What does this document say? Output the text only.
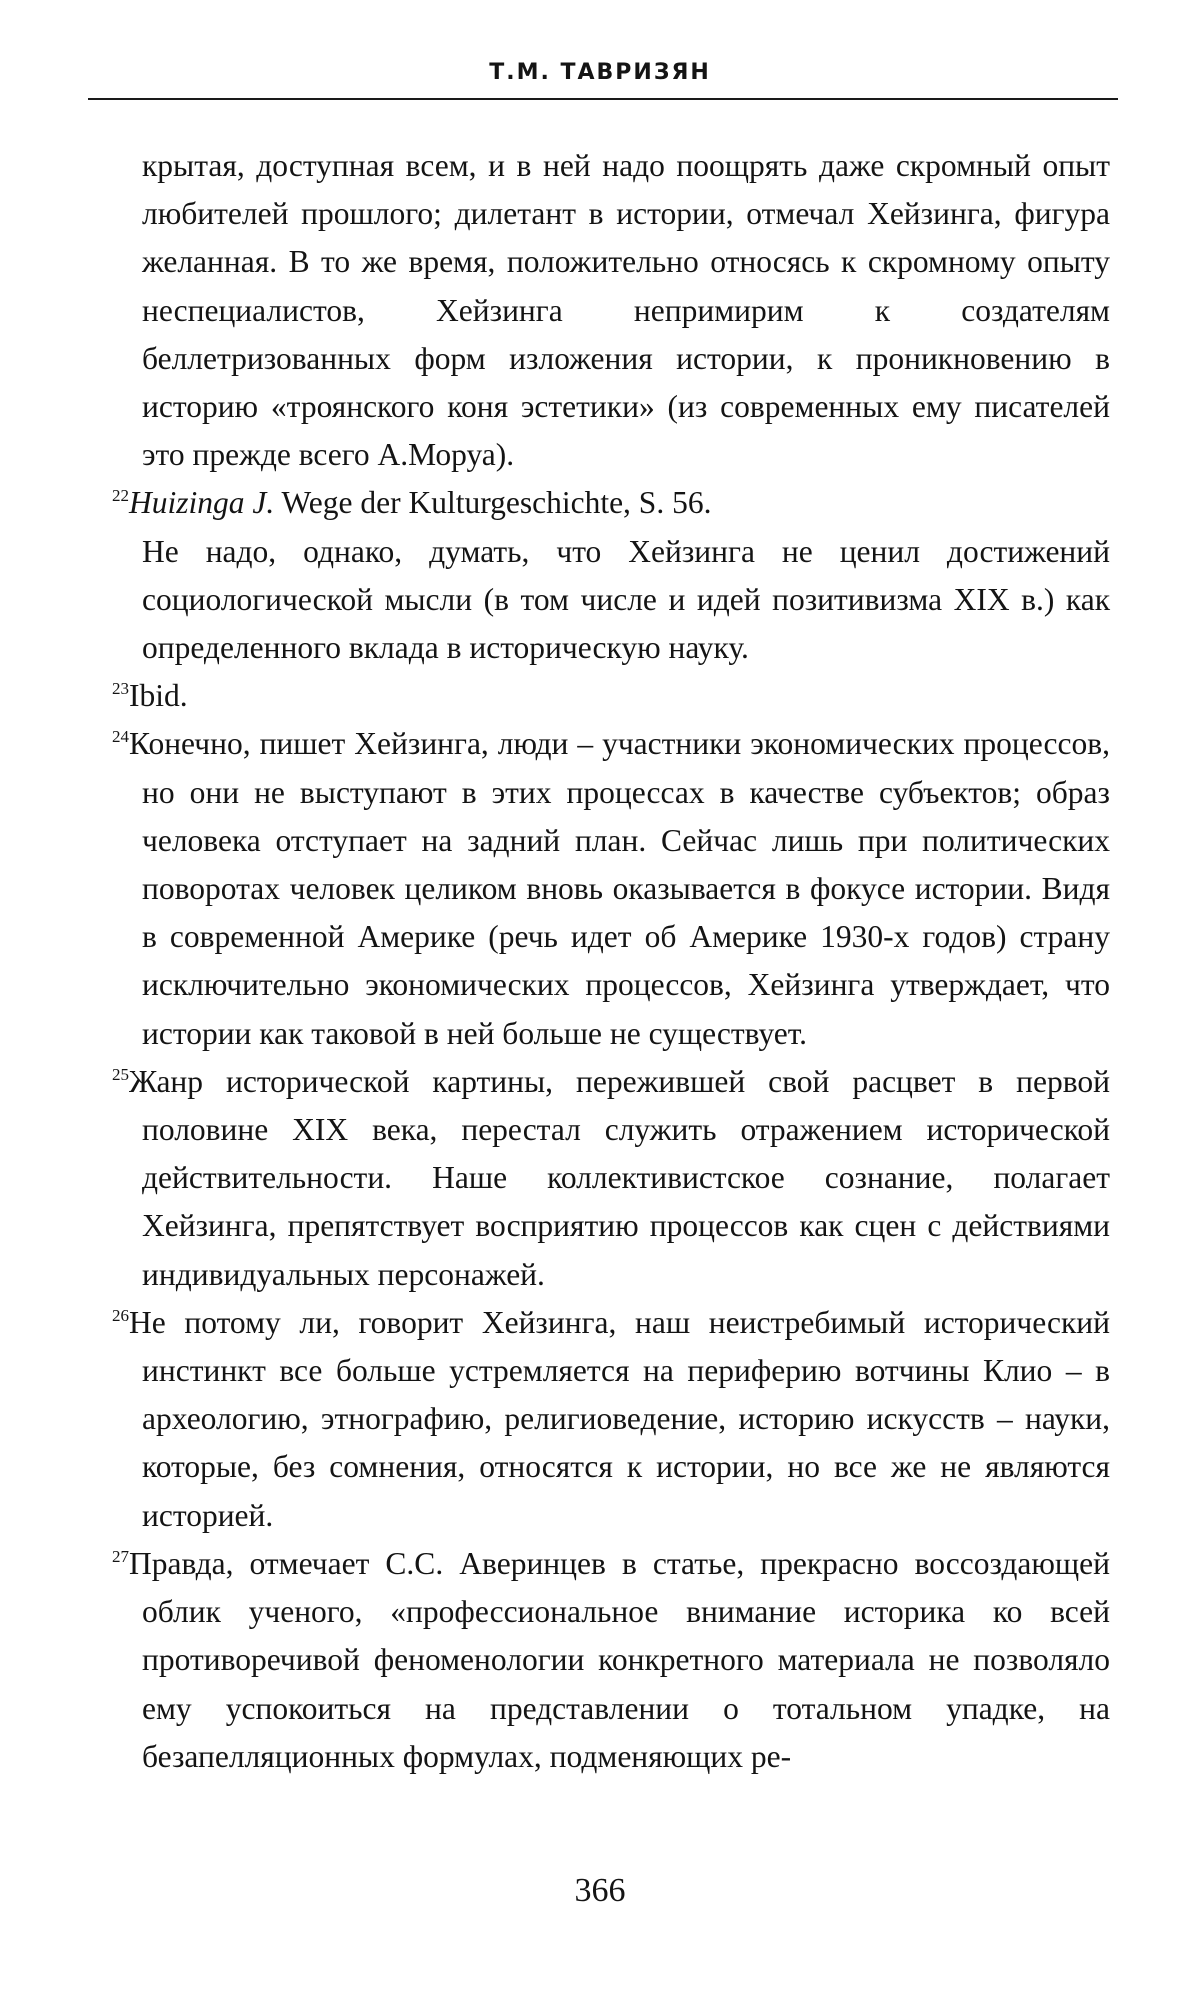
Т.М. ТАВРИЗЯН

крытая, доступная всем, и в ней надо поощрять даже скромный опыт любителей прошлого; дилетант в истории, отмечал Хейзинга, фигура желанная. В то же время, положительно относясь к скромному опыту неспециалистов, Хейзинга непримирим к создателям беллетризованных форм изложения истории, к проникновению в историю «троянского коня эстетики» (из современных ему писателей это прежде всего А.Моруа).

$^{22}$Huizinga J. Wege der Kulturgeschichte, S. 56.

Не надо, однако, думать, что Хейзинга не ценил достижений социологической мысли (в том числе и идей позитивизма XIX в.) как определенного вклада в историческую науку.

$^{23}$Ibid.

$^{24}$Конечно, пишет Хейзинга, люди – участники экономических процессов, но они не выступают в этих процессах в качестве субъектов; образ человека отступает на задний план. Сейчас лишь при политических поворотах человек целиком вновь оказывается в фокусе истории. Видя в современной Америке (речь идет об Америке 1930-х годов) страну исключительно экономических процессов, Хейзинга утверждает, что истории как таковой в ней больше не существует.

$^{25}$Жанр исторической картины, пережившей свой расцвет в первой половине XIX века, перестал служить отражением исторической действительности. Наше коллективистское сознание, полагает Хейзинга, препятствует восприятию процессов как сцен с действиями индивидуальных персонажей.

$^{26}$Не потому ли, говорит Хейзинга, наш неистребимый исторический инстинкт все больше устремляется на периферию вотчины Клио – в археологию, этнографию, религиоведение, историю искусств – науки, которые, без сомнения, относятся к истории, но все же не являются историей.

$^{27}$Правда, отмечает С.С. Аверинцев в статье, прекрасно воссоздающей облик ученого, «профессиональное внимание историка ко всей противоречивой феноменологии конкретного материала не позволяло ему успокоиться на представлении о тотальном упадке, на безапелляционных формулах, подменяющих ре-

366
